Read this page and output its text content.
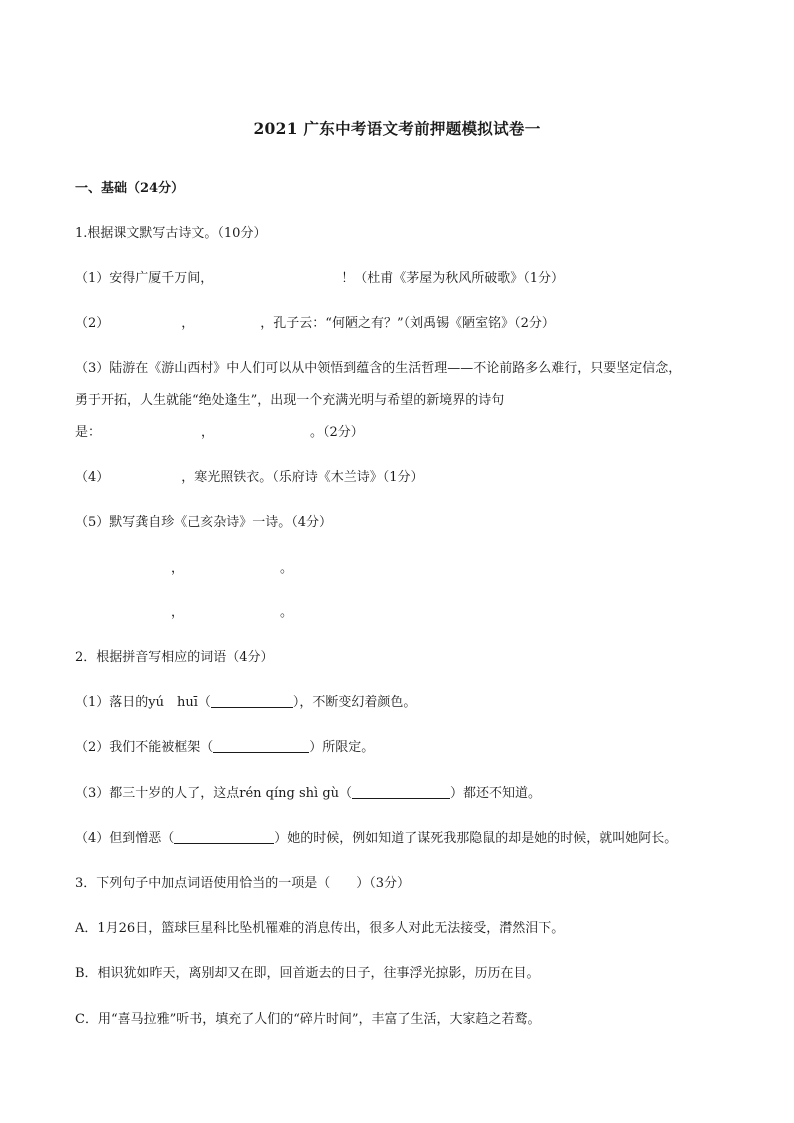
2021 广东中考语文考前押题模拟试卷一
一、基础（24分）
1.根据课文默写古诗文。（10分）
（1）安得广厦千万间，	！（杜甫《茅屋为秋风所破歌》（1分）
（2）	，	，孔子云：“何陋之有？”（刘禹锡《陋室铭》（2分）
（3）陆游在《游山西村》中人们可以从中领悟到蕴含的生活哲理——不论前路多么难行，只要坚定信念，
勇于开拓，人生就能“绝处逢生”，出现一个充满光明与希望的新境界的诗句
是：	，	。（2分）
（4）	，寒光照铁衣。（乐府诗《木兰诗》（1分）
（5）默写龚自珍《己亥杂诗》一诗。（4分）
，	。
，	。
2．根据拼音写相应的词语（4分）
（1）落日的yú　huī（	），不断变幻着颜色。
（2）我们不能被框架（	）所限定。
（3）都三十岁的人了，这点rén qíng shì gù（	）都还不知道。
（4）但到憎恶（	）她的时候，例如知道了谋死我那隐鼠的却是她的时候，就叫她阿长。
3．下列句子中加点词语使用恰当的一项是（　　）（3分）
A．1月26日，篮球巨星科比坠机罹难的消息传出，很多人对此无法接受，潸然泪下。
B．相识犹如昨天，离别却又在即，回首逝去的日子，往事浮光掠影，历历在目。
C．用“喜马拉雅”听书，填充了人们的“碎片时间”，丰富了生活，大家趋之若鹜。
